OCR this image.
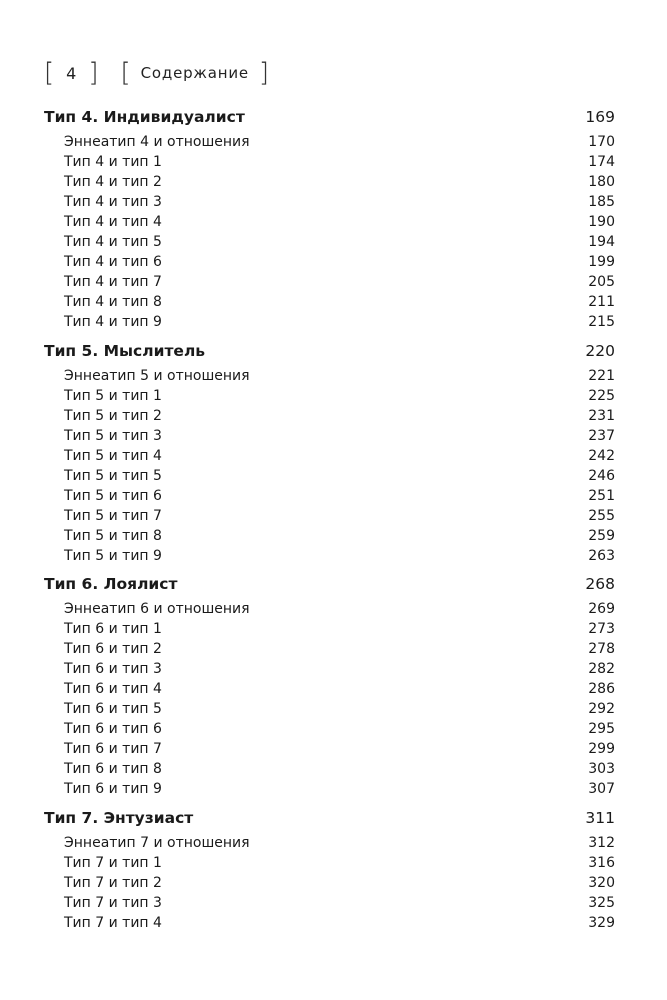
[ 4 ] [ Содержание ]
Тип 4. Индивидуалист	169
Эннеатип 4 и отношения	170
Тип 4 и тип 1	174
Тип 4 и тип 2	180
Тип 4 и тип 3	185
Тип 4 и тип 4	190
Тип 4 и тип 5	194
Тип 4 и тип 6	199
Тип 4 и тип 7	205
Тип 4 и тип 8	211
Тип 4 и тип 9	215
Тип 5. Мыслитель	220
Эннеатип 5 и отношения	221
Тип 5 и тип 1	225
Тип 5 и тип 2	231
Тип 5 и тип 3	237
Тип 5 и тип 4	242
Тип 5 и тип 5	246
Тип 5 и тип 6	251
Тип 5 и тип 7	255
Тип 5 и тип 8	259
Тип 5 и тип 9	263
Тип 6. Лоялист	268
Эннеатип 6 и отношения	269
Тип 6 и тип 1	273
Тип 6 и тип 2	278
Тип 6 и тип 3	282
Тип 6 и тип 4	286
Тип 6 и тип 5	292
Тип 6 и тип 6	295
Тип 6 и тип 7	299
Тип 6 и тип 8	303
Тип 6 и тип 9	307
Тип 7. Энтузиаст	311
Эннеатип 7 и отношения	312
Тип 7 и тип 1	316
Тип 7 и тип 2	320
Тип 7 и тип 3	325
Тип 7 и тип 4	329
